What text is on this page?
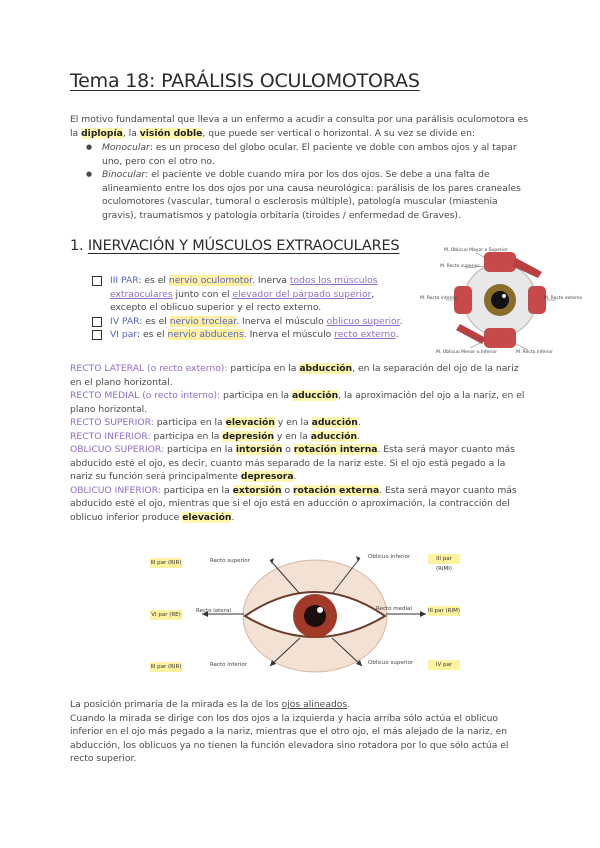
Tema 18: PARÁLISIS OCULOMOTORAS
El motivo fundamental que lleva a un enfermo a acudir a consulta por una parálisis oculomotora es la diplopía, la visión doble, que puede ser vertical o horizontal. A su vez se divide en:
● Monocular: es un proceso del globo ocular. El paciente ve doble con ambos ojos y al tapar uno, pero con el otro no.
● Binocular: el paciente ve doble cuando mira por los dos ojos. Se debe a una falta de alineamiento entre los dos ojos por una causa neurológica: parálisis de los pares craneales oculomotores (vascular, tumoral o esclerosis múltiple), patología muscular (miastenia gravis), traumatismos y patología orbitaria (tiroides / enfermedad de Graves).
1. INERVACIÓN Y MÚSCULOS EXTRAOCULARES
III PAR: es el nervio oculomotor. Inerva todos los músculos extraoculares junto con el elevador del párpado superior, excepto el oblicuo superior y el recto externo.
IV PAR: es el nervio troclear. Inerva el músculo oblicuo superior.
VI par: es el nervio abducens. Inerva el músculo recto externo.
M. Oblicuo Mayor o Superior
M. Recto superior
M. Recto interno	M. Recto externo
M. Oblicuo Menor o Inferior	M. Recto inferior
RECTO LATERAL (o recto externo): participa en la abducción, en la separación del ojo de la nariz en el plano horizontal.
RECTO MEDIAL (o recto interno): participa en la aducción, la aproximación del ojo a la nariz, en el plano horizontal.
RECTO SUPERIOR: participa en la elevación y en la aducción.
RECTO INFERIOR: participa en la depresión y en la aducción.
OBLICUO SUPERIOR: participa en la intorsión o rotación interna. Esta será mayor cuanto más abducido esté el ojo, es decir, cuanto más separado de la nariz este. Si el ojo está pegado a la nariz su función será principalmente depresora.
OBLICUO INFERIOR: participa en la extorsión o rotación externa. Esta será mayor cuanto más abducido esté el ojo, mientras que si el ojo está en aducción o aproximación, la contracción del oblicuo inferior produce elevación.
III par (RIR)
VI par (RE)
III par (RIR)
III par (RIMI)
III par (RIM)
IV par
Recto superior
Recto lateral
Recto inferior
Oblicuo inferior
Recto medial
Oblicuo superior
La posición primaria de la mirada es la de los ojos alineados.
Cuando la mirada se dirige con los dos ojos a la izquierda y hacia arriba sólo actúa el oblicuo inferior en el ojo más pegado a la nariz, mientras que el otro ojo, el más alejado de la nariz, en abducción, los oblicuos ya no tienen la función elevadora sino rotadora por lo que sólo actúa el recto superior.
